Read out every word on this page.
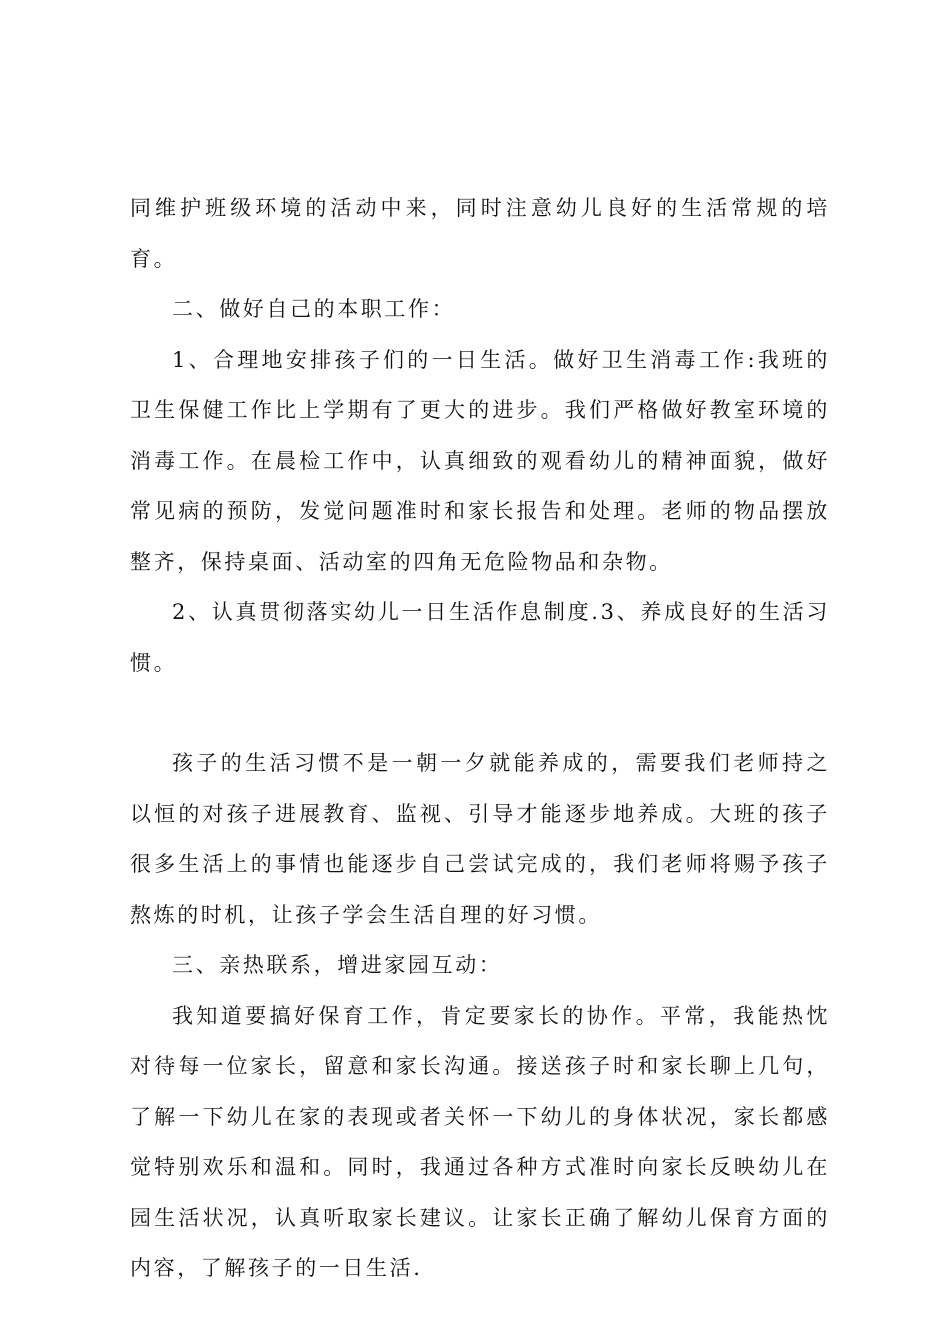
同维护班级环境的活动中来，同时注意幼儿良好的生活常规的培育。

二、做好自己的本职工作：

1、合理地安排孩子们的一日生活。做好卫生消毒工作:我班的卫生保健工作比上学期有了更大的进步。我们严格做好教室环境的消毒工作。在晨检工作中，认真细致的观看幼儿的精神面貌，做好常见病的预防，发觉问题准时和家长报告和处理。老师的物品摆放整齐，保持桌面、活动室的四角无危险物品和杂物。

2、认真贯彻落实幼儿一日生活作息制度.3、养成良好的生活习惯。

孩子的生活习惯不是一朝一夕就能养成的，需要我们老师持之以恒的对孩子进展教育、监视、引导才能逐步地养成。大班的孩子很多生活上的事情也能逐步自己尝试完成的，我们老师将赐予孩子熬炼的时机，让孩子学会生活自理的好习惯。

三、亲热联系，增进家园互动：

我知道要搞好保育工作，肯定要家长的协作。平常，我能热忱对待每一位家长，留意和家长沟通。接送孩子时和家长聊上几句，了解一下幼儿在家的表现或者关怀一下幼儿的身体状况，家长都感觉特别欢乐和温和。同时，我通过各种方式准时向家长反映幼儿在园生活状况，认真听取家长建议。让家长正确了解幼儿保育方面的内容，了解孩子的一日生活.
